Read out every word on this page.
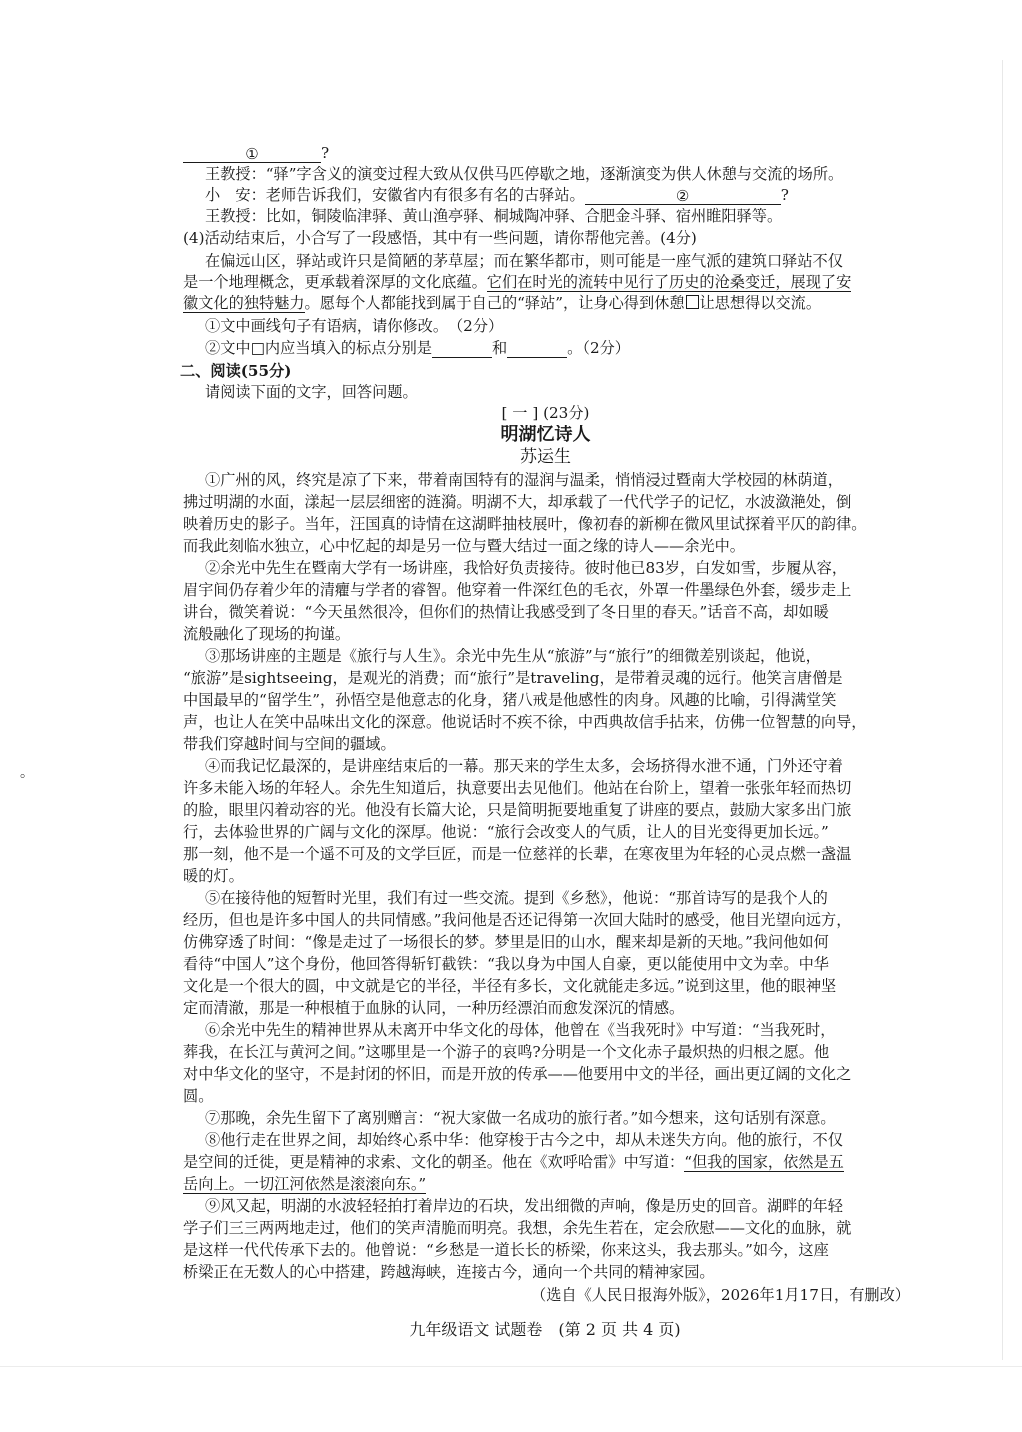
①	?
王教授：“驿”字含义的演变过程大致从仅供马匹停歇之地，逐渐演变为供人休憩与交流的场所。
小　安：老师告诉我们，安徽省内有很多有名的古驿站。	②	?
王教授：比如，铜陵临津驿、黄山渔亭驿、桐城陶冲驿、合肥金斗驿、宿州睢阳驿等。
(4)活动结束后，小合写了一段感悟，其中有一些问题，请你帮他完善。(4分)
在偏远山区，驿站或许只是简陋的茅草屋；而在繁华都市，则可能是一座气派的建筑口驿站不仅
是一个地理概念，更承载着深厚的文化底蕴。它们在时光的流转中见行了历史的沧桑变迁，展现了安
徽文化的独特魅力。愿每个人都能找到属于自己的“驿站”，让身心得到休憩 让思想得以交流。
①文中画线句子有语病，请你修改。　（2分）
②文中□内应当填入的标点分别是	和	。（2分）
二、阅读(55分)
请阅读下面的文字，回答问题。
[ 一 ] (23分)
明湖忆诗人
苏运生
①广州的风，终究是凉了下来，带着南国特有的湿润与温柔，悄悄浸过暨南大学校园的林荫道，
拂过明湖的水面，漾起一层层细密的涟漪。明湖不大，却承载了一代代学子的记忆，水波潋滟处，倒
映着历史的影子。当年，汪国真的诗情在这湖畔抽枝展叶，像初春的新柳在微风里试探着平仄的韵律。
而我此刻临水独立，心中忆起的却是另一位与暨大结过一面之缘的诗人——余光中。
②余光中先生在暨南大学有一场讲座，我恰好负责接待。彼时他已83岁，白发如雪，步履从容，
眉宇间仍存着少年的清癯与学者的睿智。他穿着一件深红色的毛衣，外罩一件墨绿色外套，缓步走上
讲台，微笑着说：“今天虽然很冷，但你们的热情让我感受到了冬日里的春天。”话音不高，却如暖
流般融化了现场的拘谨。
③那场讲座的主题是《旅行与人生》。余光中先生从“旅游”与“旅行”的细微差别谈起，他说，
“旅游”是sightseeing，是观光的消费；而“旅行”是traveling，是带着灵魂的远行。他笑言唐僧是
中国最早的“留学生”，孙悟空是他意志的化身，猪八戒是他感性的肉身。风趣的比喻，引得满堂笑
声，也让人在笑中品味出文化的深意。他说话时不疾不徐，中西典故信手拈来，仿佛一位智慧的向导，
带我们穿越时间与空间的疆域。
④而我记忆最深的，是讲座结束后的一幕。那天来的学生太多，会场挤得水泄不通，门外还守着
许多未能入场的年轻人。余先生知道后，执意要出去见他们。他站在台阶上，望着一张张年轻而热切
的脸，眼里闪着动容的光。他没有长篇大论，只是简明扼要地重复了讲座的要点，鼓励大家多出门旅
行，去体验世界的广阔与文化的深厚。他说：“旅行会改变人的气质，让人的目光变得更加长远。”
那一刻，他不是一个遥不可及的文学巨匠，而是一位慈祥的长辈，在寒夜里为年轻的心灵点燃一盏温
暖的灯。
⑤在接待他的短暂时光里，我们有过一些交流。提到《乡愁》，他说：“那首诗写的是我个人的
经历，但也是许多中国人的共同情感。”我问他是否还记得第一次回大陆时的感受，他目光望向远方，
仿佛穿透了时间：“像是走过了一场很长的梦。梦里是旧的山水，醒来却是新的天地。”我问他如何
看待“中国人”这个身份，他回答得斩钉截铁：“我以身为中国人自豪，更以能使用中文为幸。中华
文化是一个很大的圆，中文就是它的半径，半径有多长，文化就能走多远。”说到这里，他的眼神坚
定而清澈，那是一种根植于血脉的认同，一种历经漂泊而愈发深沉的情感。
⑥余光中先生的精神世界从未离开中华文化的母体，他曾在《当我死时》中写道：“当我死时，
葬我，在长江与黄河之间。”这哪里是一个游子的哀鸣?分明是一个文化赤子最炽热的归根之愿。他
对中华文化的坚守，不是封闭的怀旧，而是开放的传承——他要用中文的半径，画出更辽阔的文化之
圆。
⑦那晚，余先生留下了离别赠言：“祝大家做一名成功的旅行者。”如今想来，这句话别有深意。
⑧他行走在世界之间，却始终心系中华：他穿梭于古今之中，却从未迷失方向。他的旅行，不仅
是空间的迁徙，更是精神的求索、文化的朝圣。他在《欢呼哈雷》中写道：“但我的国家，依然是五
岳向上。一切江河依然是滚滚向东。”
⑨风又起，明湖的水波轻轻拍打着岸边的石块，发出细微的声响，像是历史的回音。湖畔的年轻
学子们三三两两地走过，他们的笑声清脆而明亮。我想，余先生若在，定会欣慰——文化的血脉，就
是这样一代代传承下去的。他曾说：“乡愁是一道长长的桥梁，你来这头，我去那头。”如今，这座
桥梁正在无数人的心中搭建，跨越海峡，连接古今，通向一个共同的精神家园。
（选自《人民日报海外版》，2026年1月17日，有删改）
九年级语文 试题卷　(第 2 页 共 4 页)
。
